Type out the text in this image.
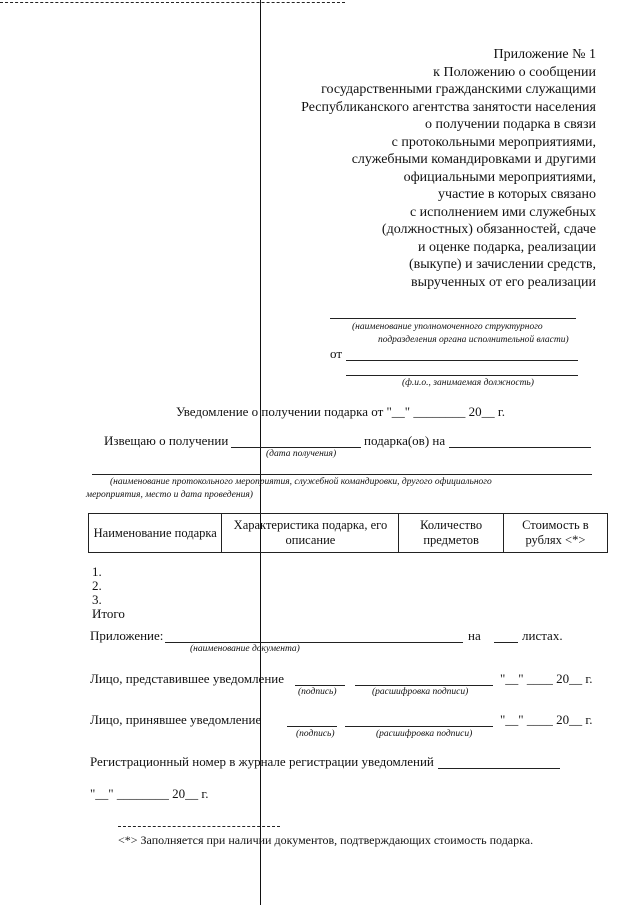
Приложение № 1
к Положению о сообщении
государственными гражданскими служащими
Республиканского агентства занятости населения
о получении подарка в связи
с протокольными мероприятиями,
служебными командировками и другими
официальными мероприятиями,
участие в которых связано
с исполнением ими служебных
(должностных) обязанностей, сдаче
и оценке подарка, реализации
(выкупе) и зачислении средств,
вырученных от его реализации
(наименование уполномоченного структурного
подразделения органа исполнительной власти)
от
(ф.и.о., занимаемая должность)
Уведомление о получении подарка от "__" ________ 20__ г.
Извещаю о получении	подарка(ов) на
(дата получения)
(наименование протокольного мероприятия, служебной командировки, другого официального
мероприятия, место и дата проведения)
Наименование подарка	Характеристика подарка, его описание	Количество предметов	Стоимость в рублях <*>
1.
2.
3.
Итого
Приложение:	на	листах.
(наименование документа)
Лицо, представившее уведомление	"__" ____ 20__ г.
(подпись)	(расшифровка подписи)
Лицо, принявшее уведомление	"__" ____ 20__ г.
(подпись)	(расшифровка подписи)
Регистрационный номер в журнале регистрации уведомлений
"__" ________ 20__ г.
<*> Заполняется при наличии документов, подтверждающих стоимость подарка.
